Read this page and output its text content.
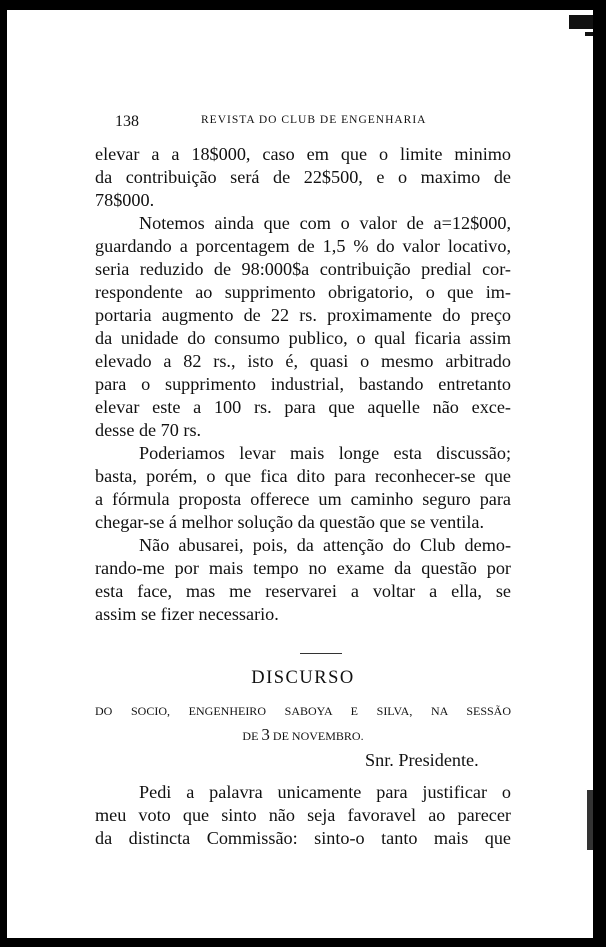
138	REVISTA DO CLUB DE ENGENHARIA
elevar a a 18$000, caso em que o limite minimo
da contribuição será de 22$500, e o maximo de
78$000.
Notemos ainda que com o valor de a=12$000,
guardando a porcentagem de 1,5 % do valor locativo,
seria reduzido de 98:000$a contribuição predial cor-
respondente ao supprimento obrigatorio, o que im-
portaria augmento de 22 rs. proximamente do preço
da unidade do consumo publico, o qual ficaria assim
elevado a 82 rs., isto é, quasi o mesmo arbitrado
para o supprimento industrial, bastando entretanto
elevar este a 100 rs. para que aquelle não exce-
desse de 70 rs.
Poderiamos levar mais longe esta discussão;
basta, porém, o que fica dito para reconhecer-se que
a fórmula proposta offerece um caminho seguro para
chegar-se á melhor solução da questão que se ventila.
Não abusarei, pois, da attenção do Club demo-
rando-me por mais tempo no exame da questão por
esta face, mas me reservarei a voltar a ella, se
assim se fizer necessario.
DISCURSO
DO SOCIO, ENGENHEIRO SABOYA E SILVA, NA SESSÃO
DE 3 DE NOVEMBRO.
Snr. Presidente.
Pedi a palavra unicamente para justificar o
meu voto que sinto não seja favoravel ao parecer
da distincta Commissão: sinto-o tanto mais que
